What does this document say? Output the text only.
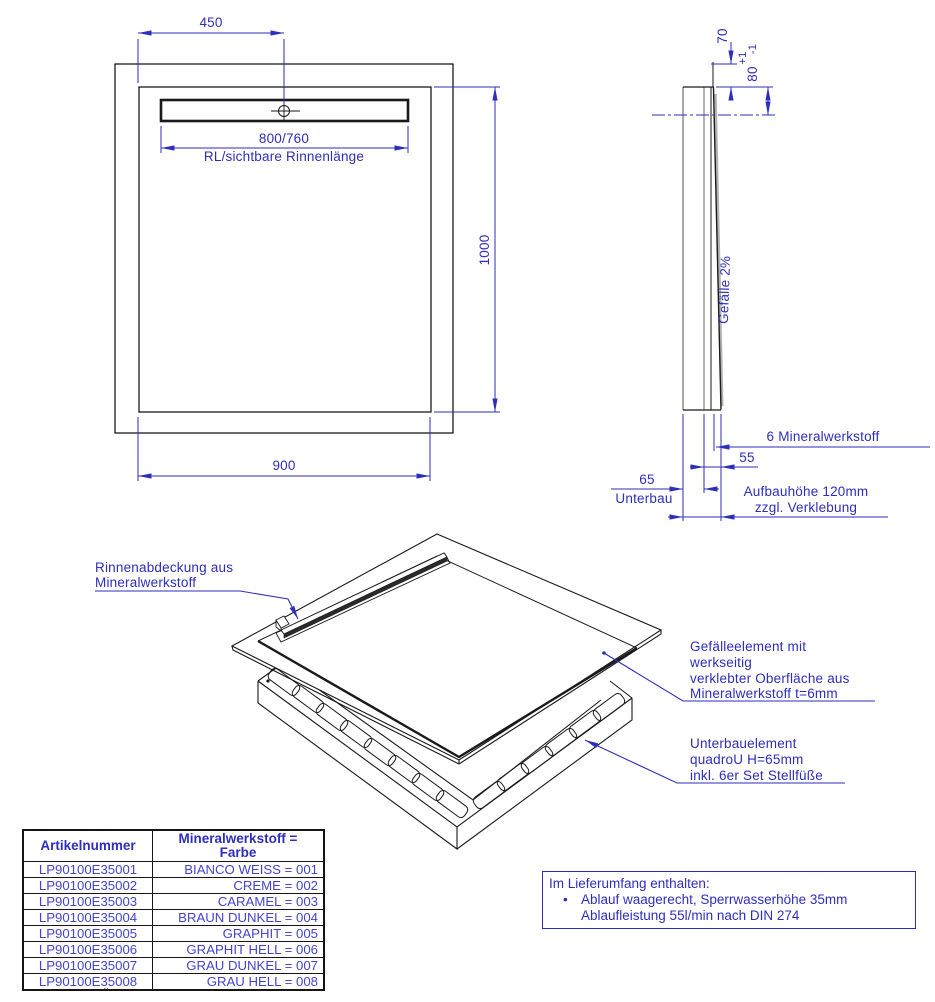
450
800/760
RL/sichtbare Rinnenlänge
1000
900
70
+1
80
-1
Gefälle 2%
6 Mineralwerkstoff
55
65
Unterbau	Aufbauhöhe 120mm
zzgl. Verklebung
Rinnenabdeckung aus
Mineralwerkstoff
Gefälleelement mit
werkseitig
verklebter Oberfläche aus
Mineralwerkstoff t=6mm
Unterbauelement
quadroU H=65mm
inkl. 6er Set Stellfüße
Artikelnummer	Mineralwerkstoff =
Farbe

LP90100E35001	BIANCO WEISS = 001
LP90100E35002	CREME = 002
LP90100E35003	CARAMEL = 003
LP90100E35004	BRAUN DUNKEL = 004
LP90100E35005	GRAPHIT = 005
LP90100E35006	GRAPHIT HELL = 006
LP90100E35007	GRAU DUNKEL = 007
LP90100E35008	GRAU HELL = 008
Im Lieferumfang enthalten:
• Ablauf waagerecht, Sperrwasserhöhe 35mm
Ablaufleistung 55l/min nach DIN 274
¨
